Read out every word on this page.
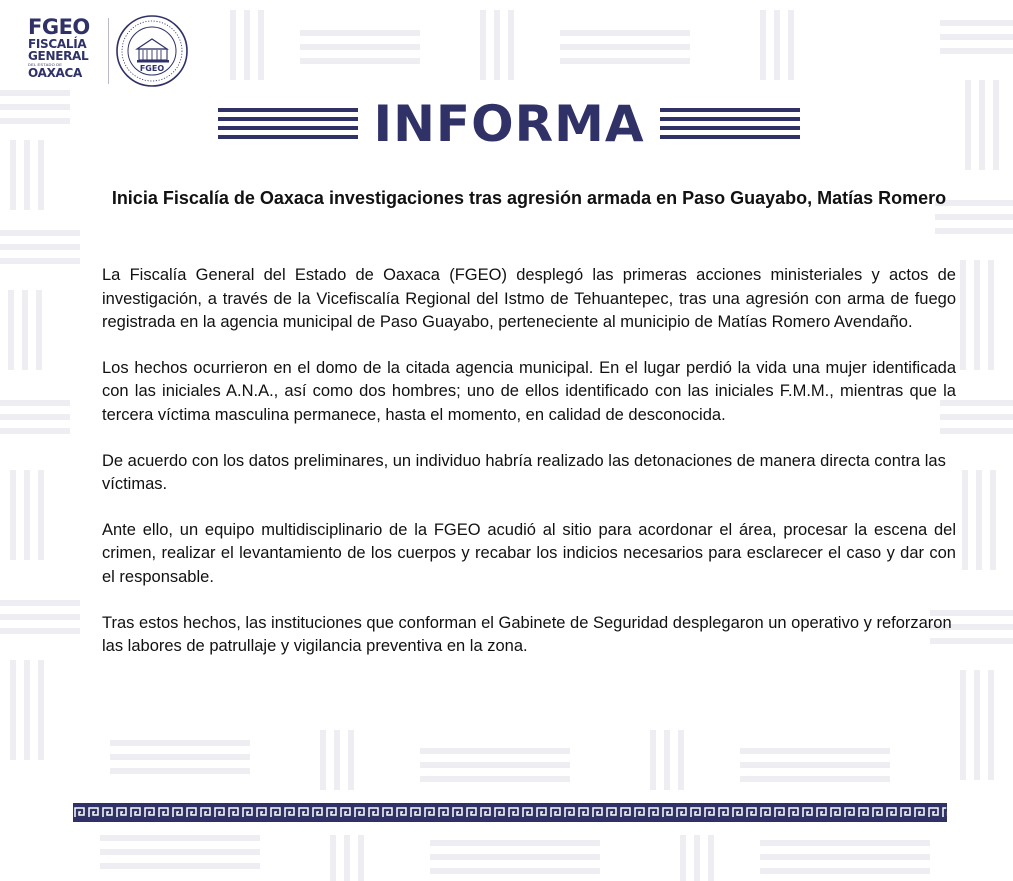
FGEO
FISCALÍA
GENERAL
DEL ESTADO DE
OAXACA	FGEO
INFORMA
Inicia Fiscalía de Oaxaca investigaciones tras agresión armada en Paso Guayabo, Matías Romero

La Fiscalía General del Estado de Oaxaca (FGEO) desplegó las primeras acciones ministeriales y actos de investigación, a través de la Vicefiscalía Regional del Istmo de Tehuantepec, tras una agresión con arma de fuego registrada en la agencia municipal de Paso Guayabo, perteneciente al municipio de Matías Romero Avendaño.

Los hechos ocurrieron en el domo de la citada agencia municipal. En el lugar perdió la vida una mujer identificada con las iniciales A.N.A., así como dos hombres; uno de ellos identificado con las iniciales F.M.M., mientras que la tercera víctima masculina permanece, hasta el momento, en calidad de desconocida.

De acuerdo con los datos preliminares, un individuo habría realizado las detonaciones de manera directa contra las víctimas.

Ante ello, un equipo multidisciplinario de la FGEO acudió al sitio para acordonar el área, procesar la escena del crimen, realizar el levantamiento de los cuerpos y recabar los indicios necesarios para esclarecer el caso y dar con el responsable.

Tras estos hechos, las instituciones que conforman el Gabinete de Seguridad desplegaron un operativo y reforzaron las labores de patrullaje y vigilancia preventiva en la zona.
